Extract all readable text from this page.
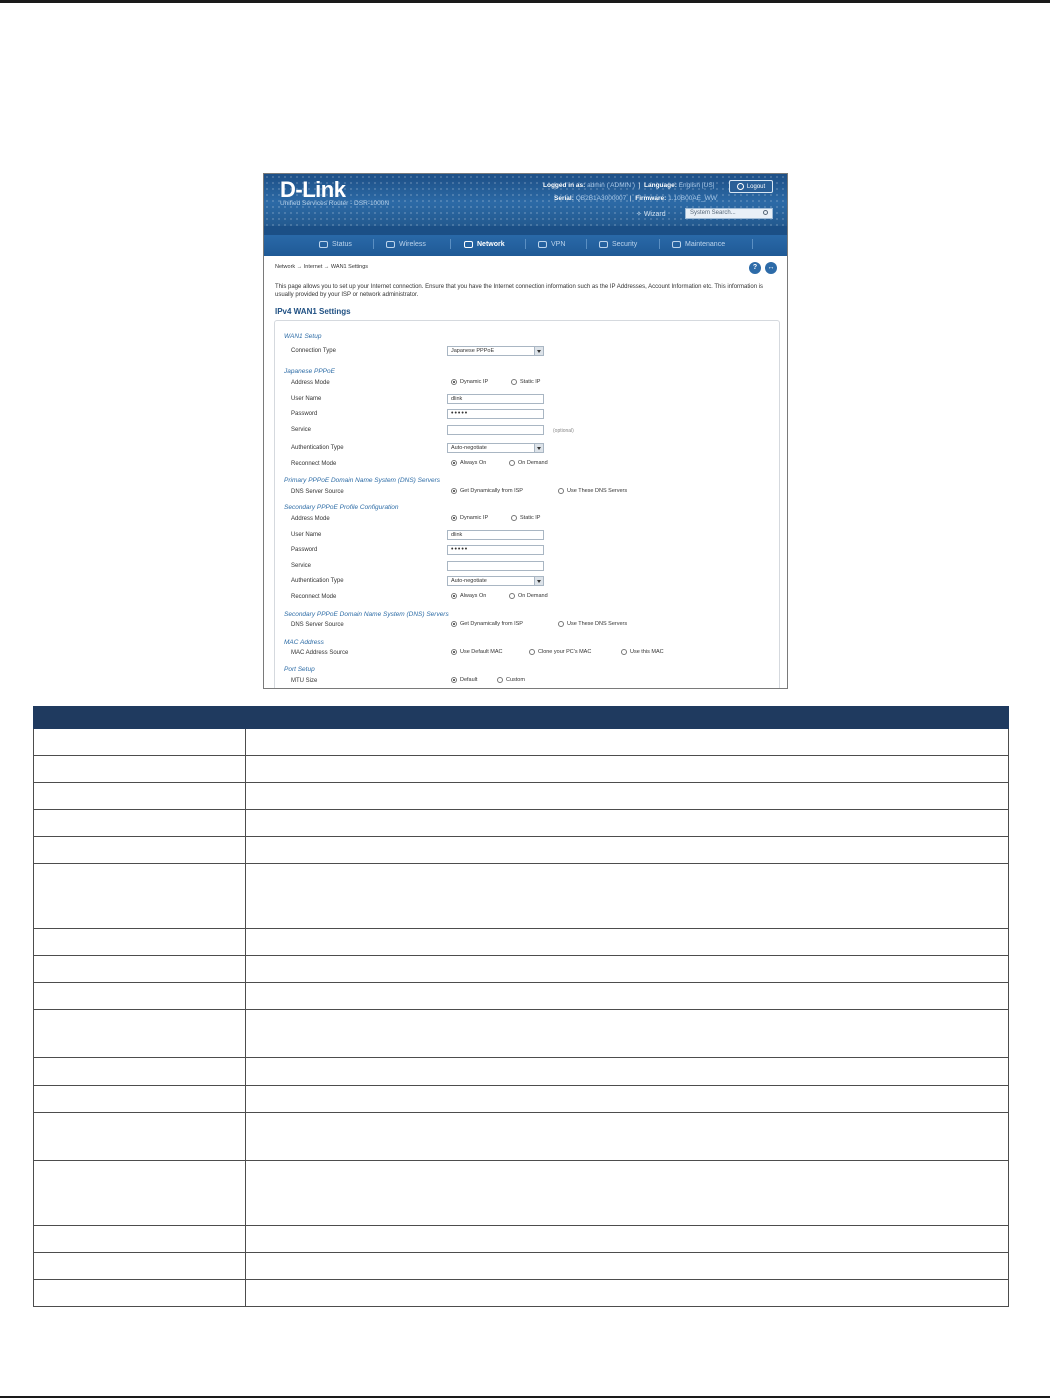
D-Link
Unified Services Router - DSR-1000N
Logged in as: admin ( ADMIN )  |  Language: English [US]
Serial: QB2B1A3000007  |  Firmware: 1.10B00AE_WW
Logout
✧ Wizard	System Search...
Status	Wireless	Network	VPN	Security	Maintenance
Network → Internet → WAN1 Settings	?	↔
This page allows you to set up your Internet connection. Ensure that you have the Internet connection information such as the IP Addresses, Account Information etc. This information is usually provided by your ISP or network administrator.
IPv4 WAN1 Settings
WAN1 Setup
Connection Type	Japanese PPPoE
Japanese PPPoE
Address Mode	Dynamic IP	Static IP
User Name	dlink
Password	•••••
Service	(optional)
Authentication Type	Auto-negotiate
Reconnect Mode	Always On	On Demand
Primary PPPoE Domain Name System (DNS) Servers
DNS Server Source	Get Dynamically from ISP	Use These DNS Servers
Secondary PPPoE Profile Configuration
Address Mode	Dynamic IP	Static IP
User Name	dlink
Password	•••••
Service
Authentication Type	Auto-negotiate
Reconnect Mode	Always On	On Demand
Secondary PPPoE Domain Name System (DNS) Servers
DNS Server Source	Get Dynamically from ISP	Use These DNS Servers
MAC Address
MAC Address Source	Use Default MAC	Clone your PC's MAC	Use this MAC
Port Setup
MTU Size	Default	Custom
